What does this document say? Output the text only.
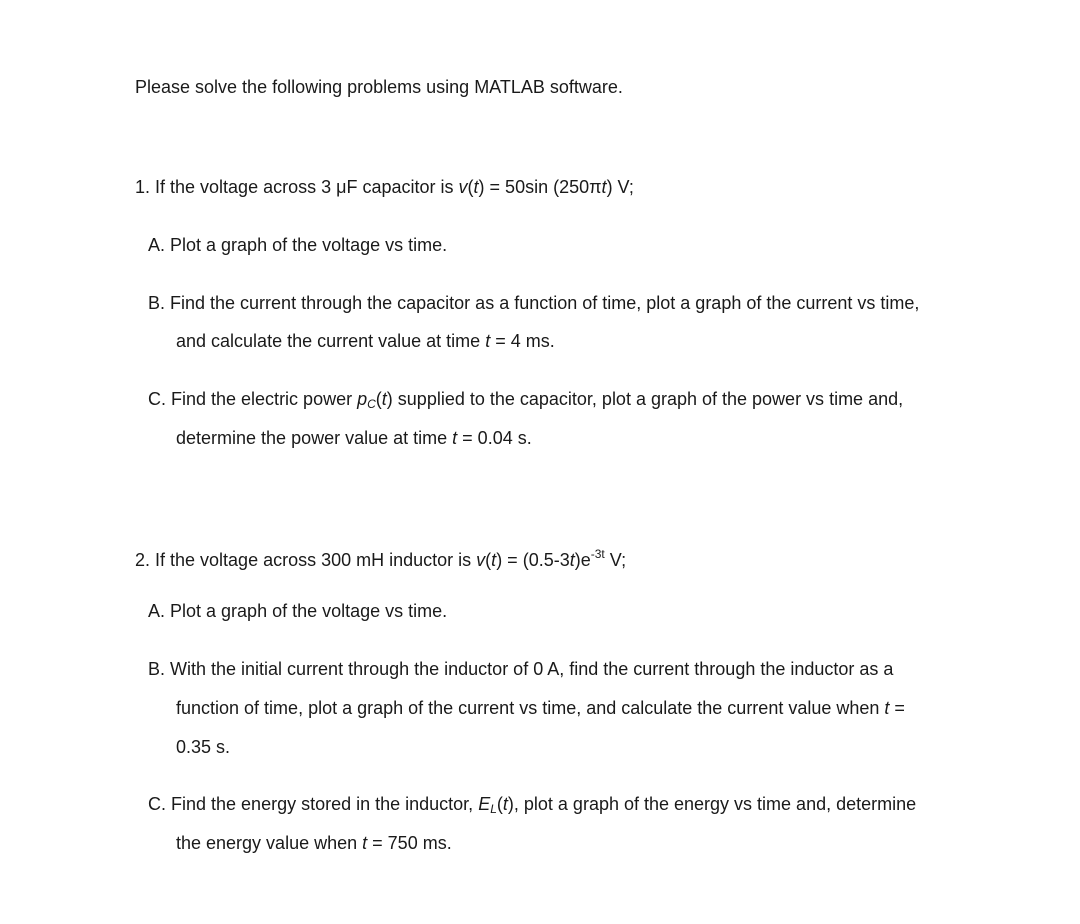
Please solve the following problems using MATLAB software.
1. If the voltage across 3 μF capacitor is v(t) = 50sin (250πt) V;
A. Plot a graph of the voltage vs time.
B. Find the current through the capacitor as a function of time, plot a graph of the current vs time,
and calculate the current value at time t = 4 ms.
C. Find the electric power $p_C(t)$ supplied to the capacitor, plot a graph of the power vs time and,
determine the power value at time t = 0.04 s.
2. If the voltage across 300 mH inductor is $v(t) = (0.5-3t)e^{-3t}$ V;
A. Plot a graph of the voltage vs time.
B. With the initial current through the inductor of 0 A, find the current through the inductor as a
function of time, plot a graph of the current vs time, and calculate the current value when t =
0.35 s.
C. Find the energy stored in the inductor, $E_L(t)$, plot a graph of the energy vs time and, determine
the energy value when t = 750 ms.
